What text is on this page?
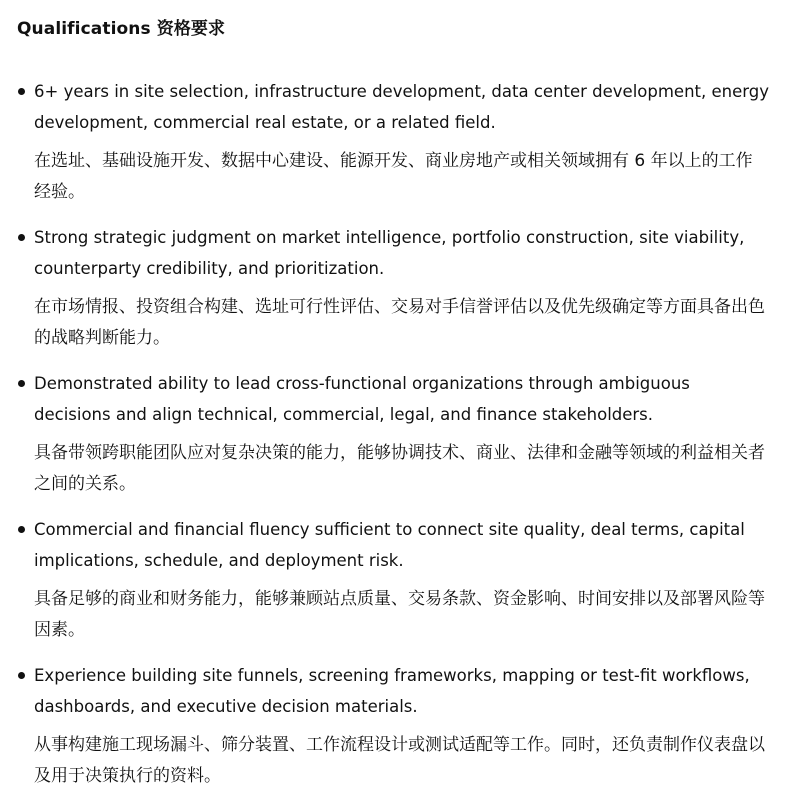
Qualifications 资格要求

6+ years in site selection, infrastructure development, data center development, energy development, commercial real estate, or a related field.

在选址、基础设施开发、数据中心建设、能源开发、商业房地产或相关领域拥有 6 年以上的工作经验。

Strong strategic judgment on market intelligence, portfolio construction, site viability, counterparty credibility, and prioritization.

在市场情报、投资组合构建、选址可行性评估、交易对手信誉评估以及优先级确定等方面具备出色的战略判断能力。

Demonstrated ability to lead cross-functional organizations through ambiguous decisions and align technical, commercial, legal, and finance stakeholders.

具备带领跨职能团队应对复杂决策的能力，能够协调技术、商业、法律和金融等领域的利益相关者之间的关系。

Commercial and financial fluency sufficient to connect site quality, deal terms, capital implications, schedule, and deployment risk.

具备足够的商业和财务能力，能够兼顾站点质量、交易条款、资金影响、时间安排以及部署风险等因素。

Experience building site funnels, screening frameworks, mapping or test-fit workflows, dashboards, and executive decision materials.

从事构建施工现场漏斗、筛分装置、工作流程设计或测试适配等工作。同时，还负责制作仪表盘以及用于决策执行的资料。
